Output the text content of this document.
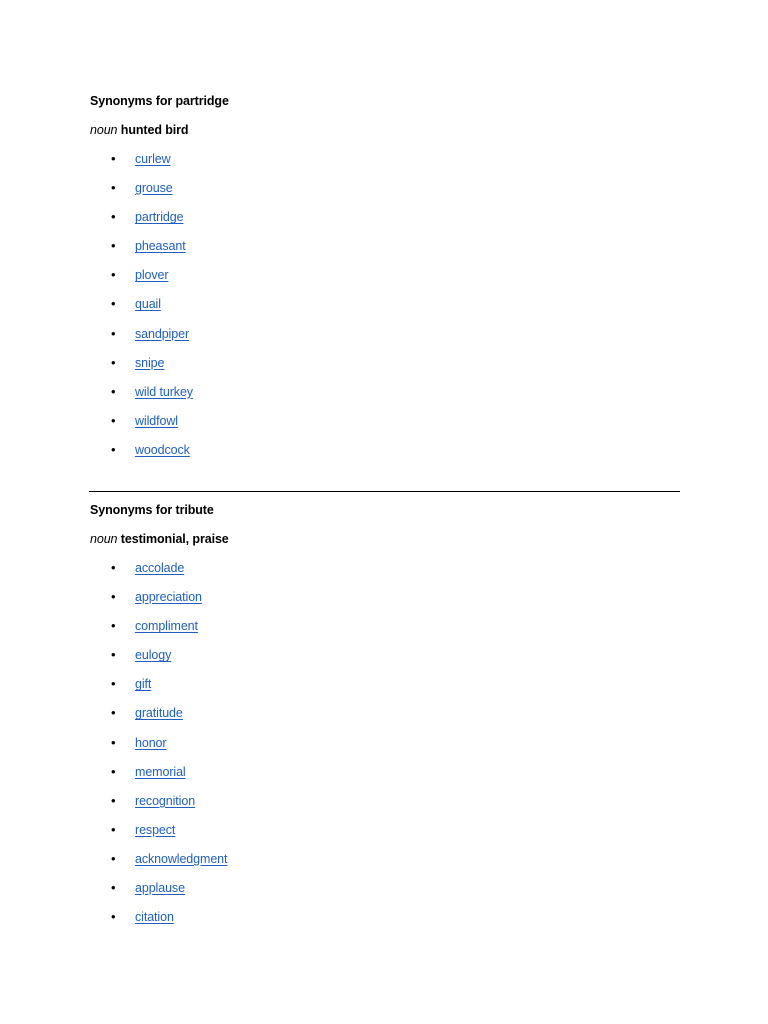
Synonyms for partridge
noun hunted bird
• curlew
• grouse
• partridge
• pheasant
• plover
• quail
• sandpiper
• snipe
• wild turkey
• wildfowl
• woodcock
Synonyms for tribute
noun testimonial, praise
• accolade
• appreciation
• compliment
• eulogy
• gift
• gratitude
• honor
• memorial
• recognition
• respect
• acknowledgment
• applause
• citation
